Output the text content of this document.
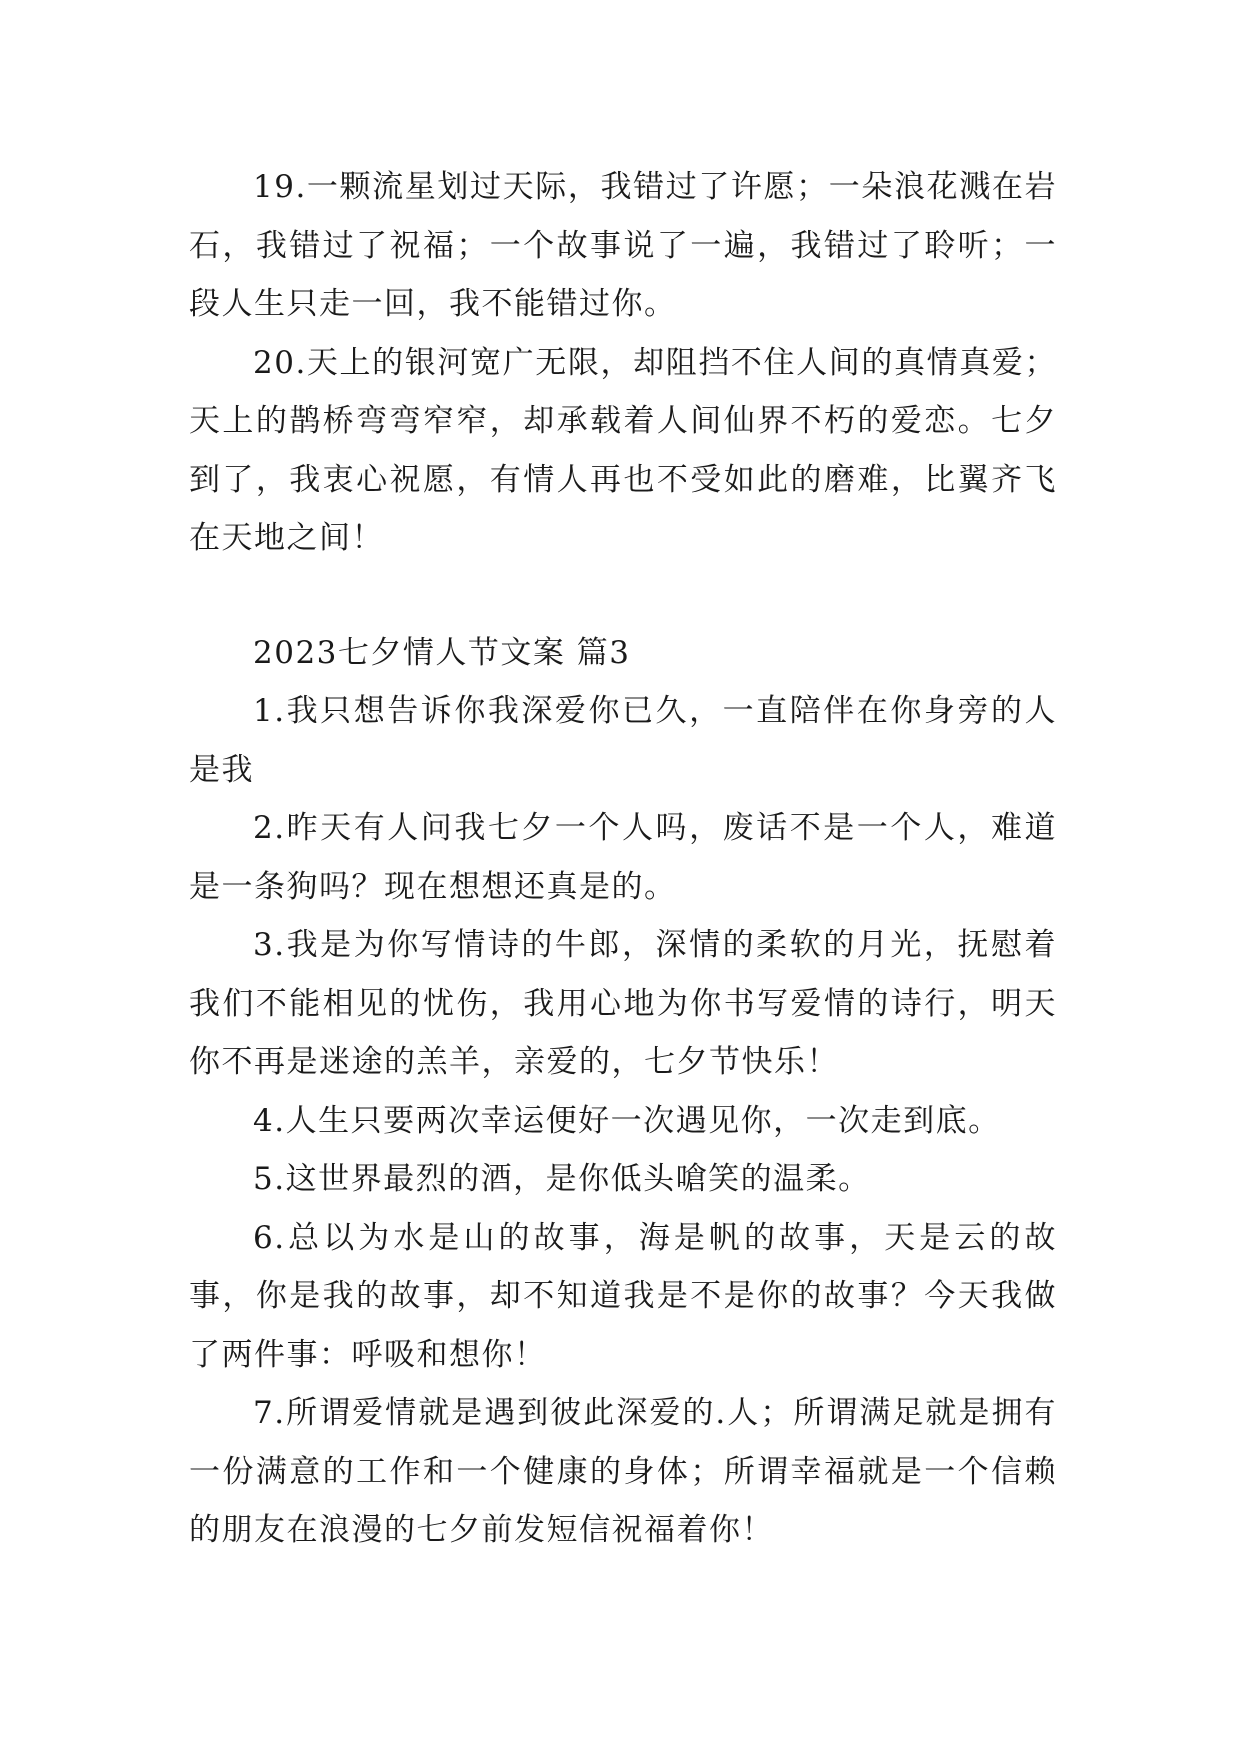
19.一颗流星划过天际，我错过了许愿；一朵浪花溅在岩石，我错过了祝福；一个故事说了一遍，我错过了聆听；一段人生只走一回，我不能错过你。

20.天上的银河宽广无限，却阻挡不住人间的真情真爱；天上的鹊桥弯弯窄窄，却承载着人间仙界不朽的爱恋。七夕到了，我衷心祝愿，有情人再也不受如此的磨难，比翼齐飞在天地之间！

2023七夕情人节文案 篇3

1.我只想告诉你我深爱你已久，一直陪伴在你身旁的人是我

2.昨天有人问我七夕一个人吗，废话不是一个人，难道是一条狗吗？现在想想还真是的。

3.我是为你写情诗的牛郎，深情的柔软的月光，抚慰着我们不能相见的忧伤，我用心地为你书写爱情的诗行，明天你不再是迷途的羔羊，亲爱的，七夕节快乐！

4.人生只要两次幸运便好一次遇见你，一次走到底。

5.这世界最烈的酒，是你低头嗆笑的温柔。

6.总以为水是山的故事，海是帆的故事，天是云的故事，你是我的故事，却不知道我是不是你的故事？今天我做了两件事：呼吸和想你！

7.所谓爱情就是遇到彼此深爱的.人；所谓满足就是拥有一份满意的工作和一个健康的身体；所谓幸福就是一个信赖的朋友在浪漫的七夕前发短信祝福着你！
